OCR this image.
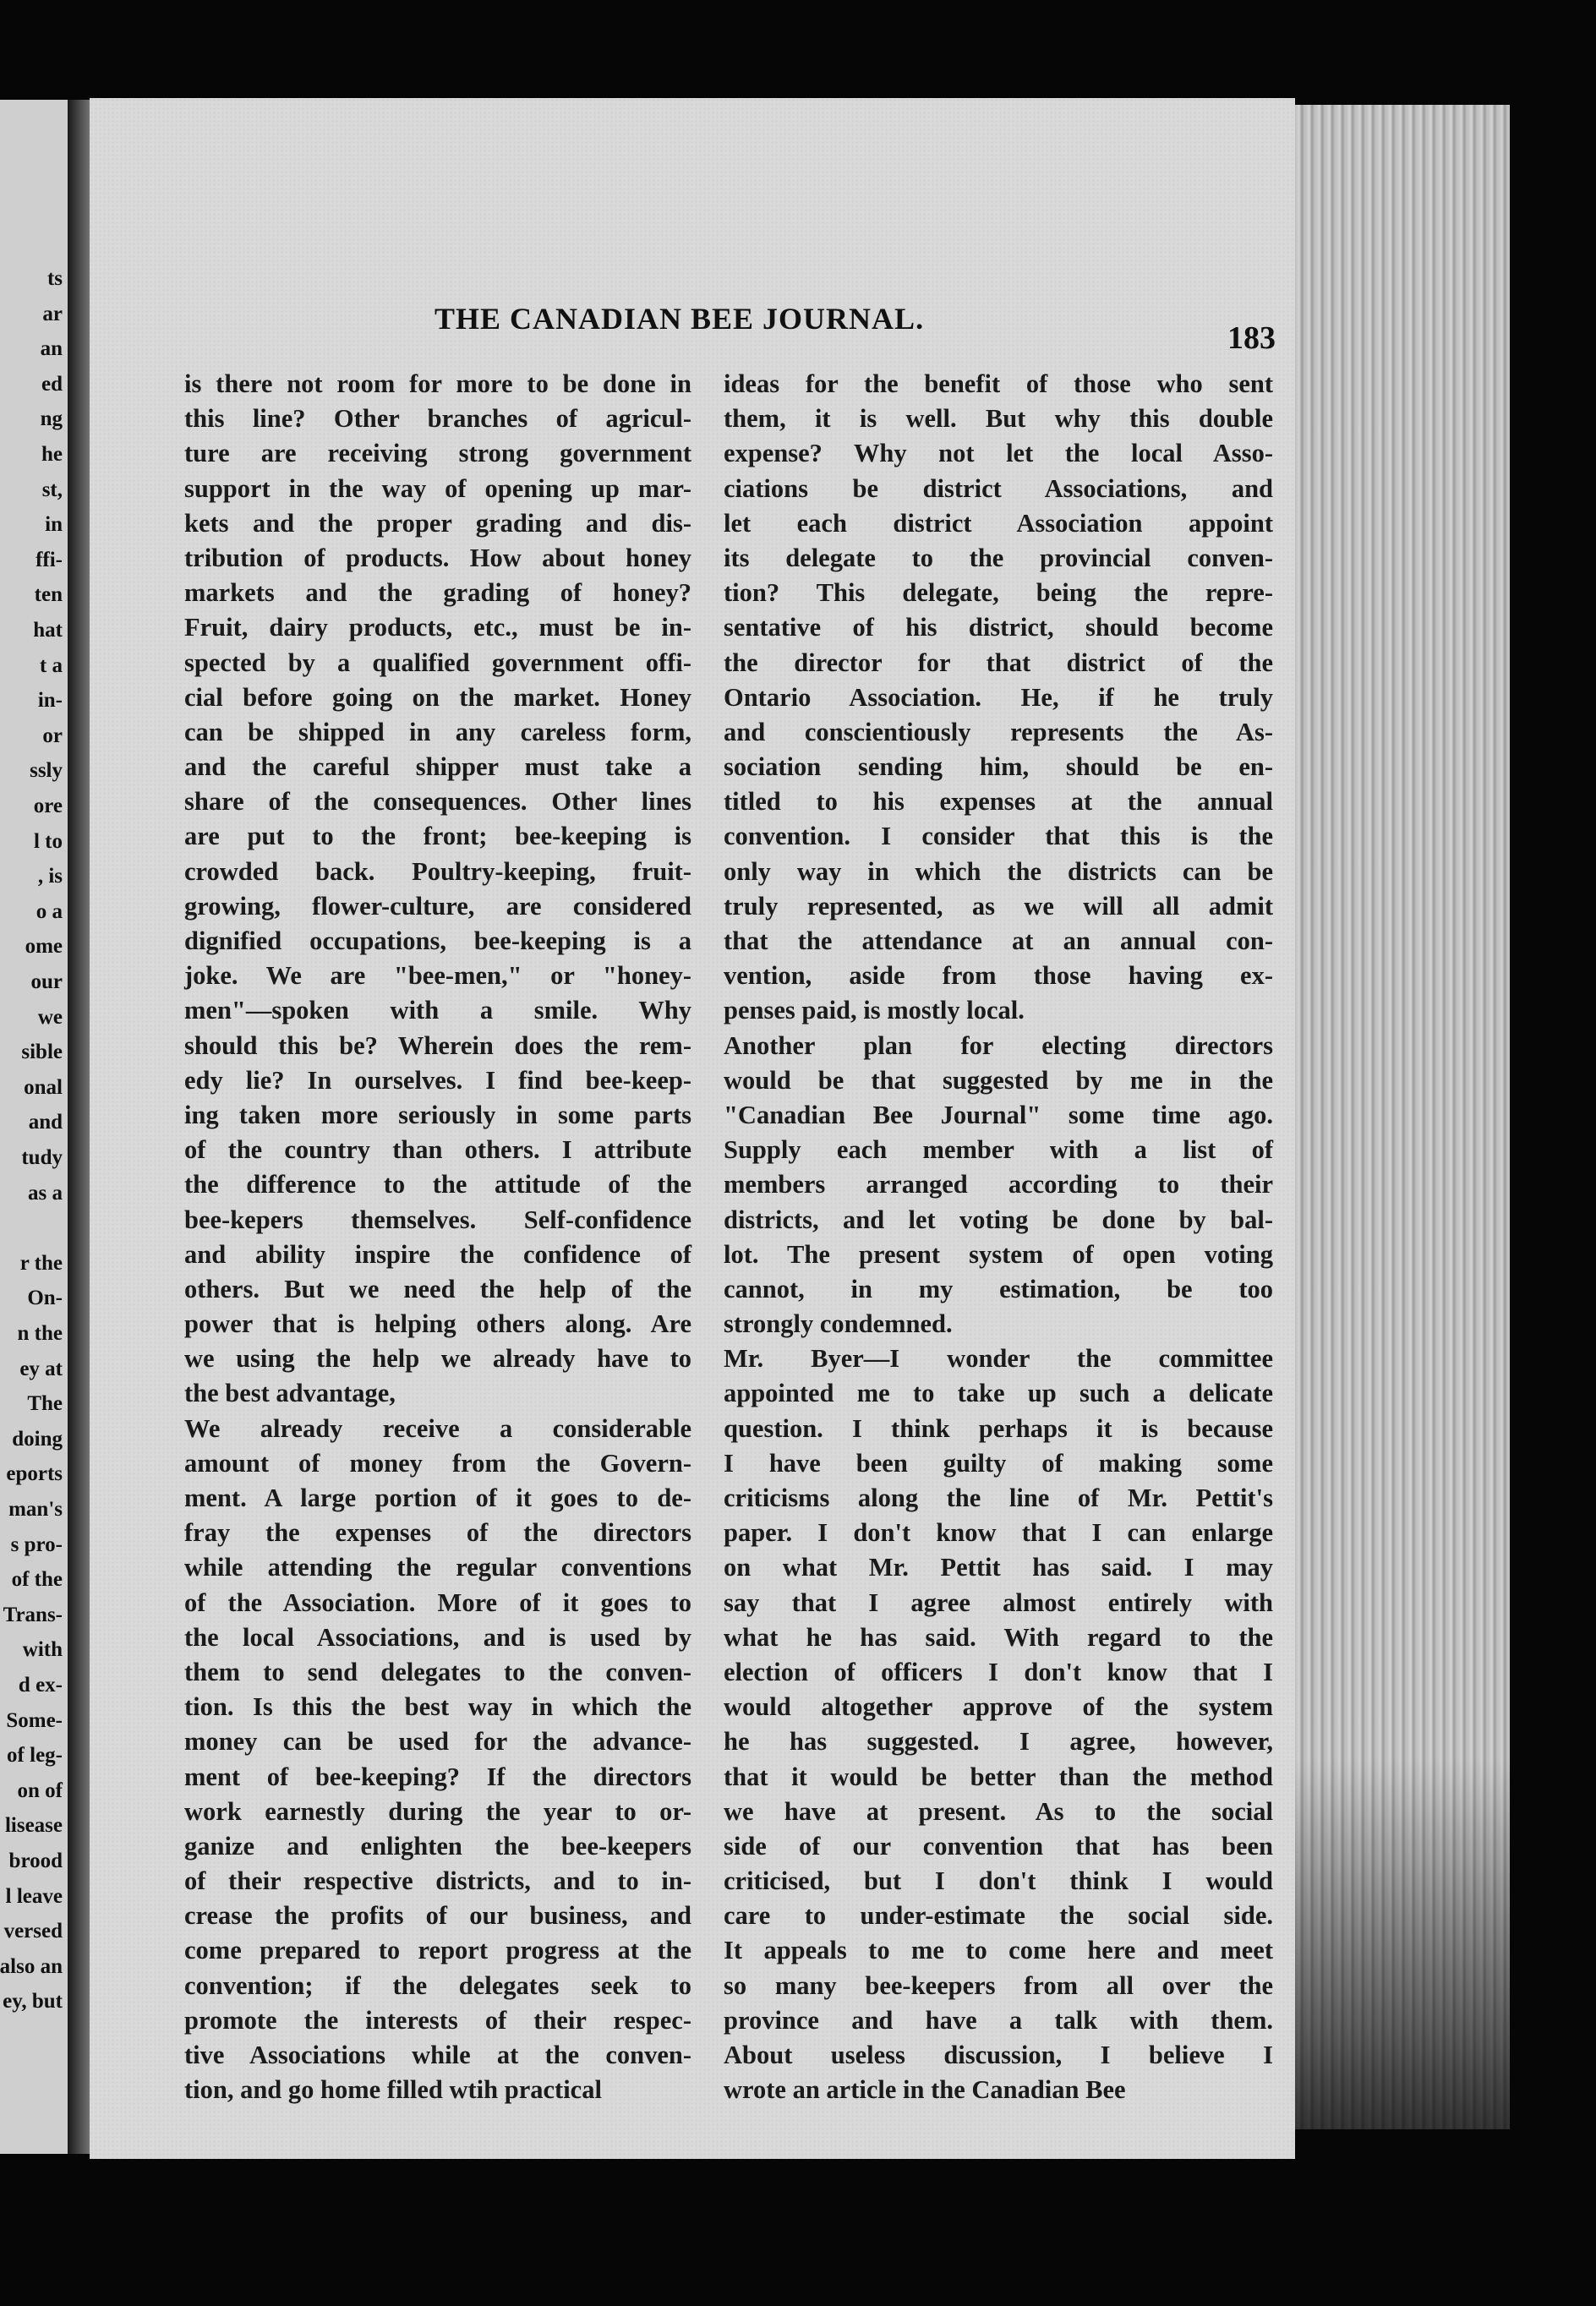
ts
ar
an
ed
ng
he
st,
in
ffi-
ten
hat
t a
in-
or
ssly
ore
l to
, is
o a
ome
our
we
sible
onal
and
tudy
as a
r the
On-
n the
ey at
The
doing
eports
man's
s pro-
of the
Trans-
with
d ex-
Some-
of leg-
on of
lisease
brood
l leave
versed
also an
ey, but
THE CANADIAN BEE JOURNAL.
183
is there not room for more to be done in
this line? Other branches of agricul-
ture are receiving strong government
support in the way of opening up mar-
kets and the proper grading and dis-
tribution of products. How about honey
markets and the grading of honey?
Fruit, dairy products, etc., must be in-
spected by a qualified government offi-
cial before going on the market. Honey
can be shipped in any careless form,
and the careful shipper must take a
share of the consequences. Other lines
are put to the front; bee-keeping is
crowded back. Poultry-keeping, fruit-
growing, flower-culture, are considered
dignified occupations, bee-keeping is a
joke. We are "bee-men," or "honey-
men"—spoken with a smile. Why
should this be? Wherein does the rem-
edy lie? In ourselves. I find bee-keep-
ing taken more seriously in some parts
of the country than others. I attribute
the difference to the attitude of the
bee-kepers themselves. Self-confidence
and ability inspire the confidence of
others. But we need the help of the
power that is helping others along. Are
we using the help we already have to
the best advantage,
We already receive a considerable
amount of money from the Govern-
ment. A large portion of it goes to de-
fray the expenses of the directors
while attending the regular conventions
of the Association. More of it goes to
the local Associations, and is used by
them to send delegates to the conven-
tion. Is this the best way in which the
money can be used for the advance-
ment of bee-keeping? If the directors
work earnestly during the year to or-
ganize and enlighten the bee-keepers
of their respective districts, and to in-
crease the profits of our business, and
come prepared to report progress at the
convention; if the delegates seek to
promote the interests of their respec-
tive Associations while at the conven-
tion, and go home filled wtih practical
ideas for the benefit of those who sent
them, it is well. But why this double
expense? Why not let the local Asso-
ciations be district Associations, and
let each district Association appoint
its delegate to the provincial conven-
tion? This delegate, being the repre-
sentative of his district, should become
the director for that district of the
Ontario Association. He, if he truly
and conscientiously represents the As-
sociation sending him, should be en-
titled to his expenses at the annual
convention. I consider that this is the
only way in which the districts can be
truly represented, as we will all admit
that the attendance at an annual con-
vention, aside from those having ex-
penses paid, is mostly local.
Another plan for electing directors
would be that suggested by me in the
"Canadian Bee Journal" some time ago.
Supply each member with a list of
members arranged according to their
districts, and let voting be done by bal-
lot. The present system of open voting
cannot, in my estimation, be too
strongly condemned.
Mr. Byer—I wonder the committee
appointed me to take up such a delicate
question. I think perhaps it is because
I have been guilty of making some
criticisms along the line of Mr. Pettit's
paper. I don't know that I can enlarge
on what Mr. Pettit has said. I may
say that I agree almost entirely with
what he has said. With regard to the
election of officers I don't know that I
would altogether approve of the system
he has suggested. I agree, however,
that it would be better than the method
we have at present. As to the social
side of our convention that has been
criticised, but I don't think I would
care to under-estimate the social side.
It appeals to me to come here and meet
so many bee-keepers from all over the
province and have a talk with them.
About useless discussion, I believe I
wrote an article in the Canadian Bee
